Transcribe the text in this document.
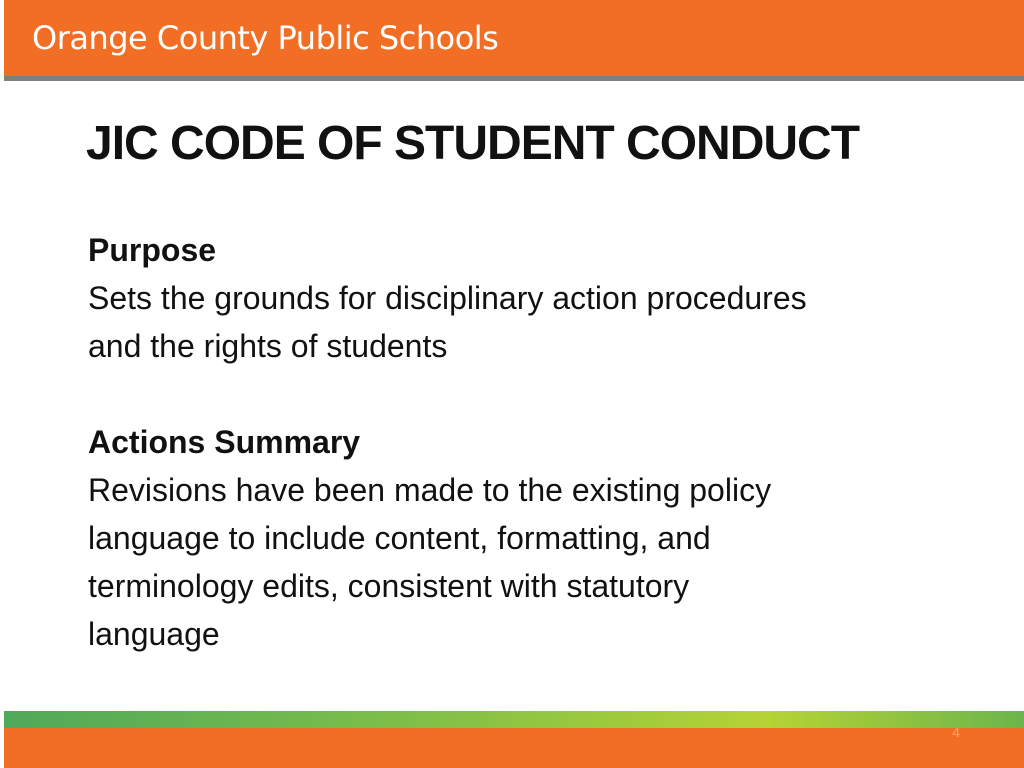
Orange County Public Schools
JIC CODE OF STUDENT CONDUCT
Purpose
Sets the grounds for disciplinary action procedures
and the rights of students
Actions Summary
Revisions have been made to the existing policy
language to include content, formatting, and
terminology edits, consistent with statutory
language
4
